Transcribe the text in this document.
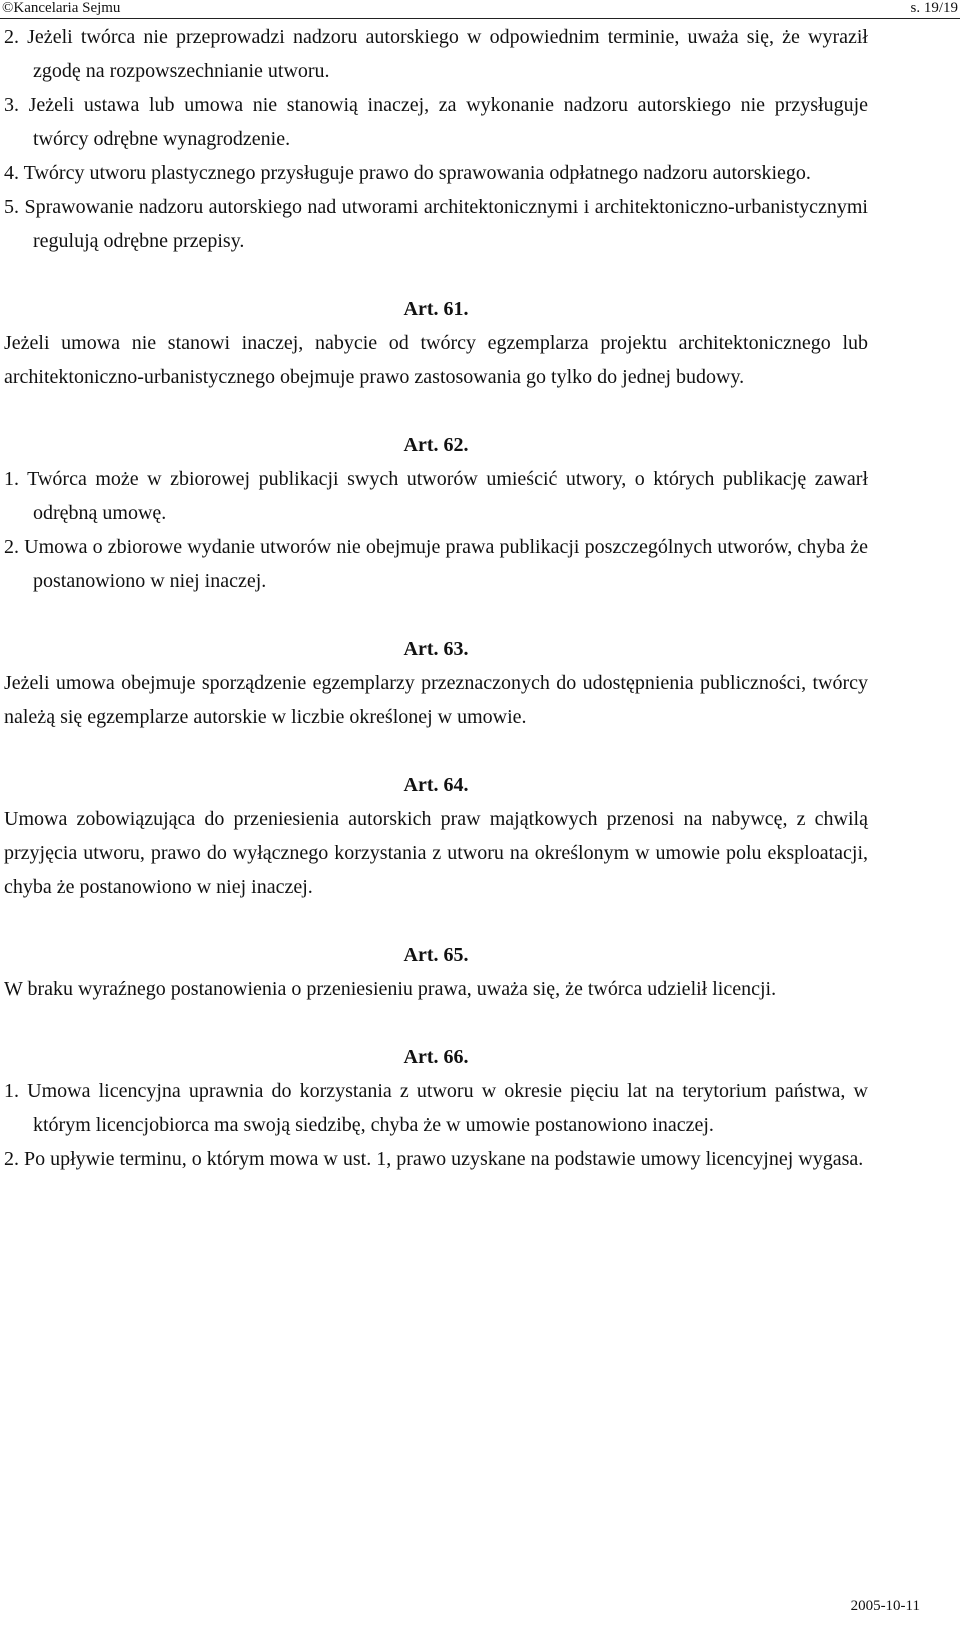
©Kancelaria Sejmu	s. 19/19

2. Jeżeli twórca nie przeprowadzi nadzoru autorskiego w odpowiednim terminie, uważa się, że wyraził zgodę na rozpowszechnianie utworu.

3. Jeżeli ustawa lub umowa nie stanowią inaczej, za wykonanie nadzoru autorskiego nie przysługuje twórcy odrębne wynagrodzenie.

4. Twórcy utworu plastycznego przysługuje prawo do sprawowania odpłatnego nadzoru autorskiego.

5. Sprawowanie nadzoru autorskiego nad utworami architektonicznymi i architektoniczno-urbanistycznymi regulują odrębne przepisy.

Art. 61.

Jeżeli umowa nie stanowi inaczej, nabycie od twórcy egzemplarza projektu architektonicznego lub architektoniczno-urbanistycznego obejmuje prawo zastosowania go tylko do jednej budowy.

Art. 62.

1. Twórca może w zbiorowej publikacji swych utworów umieścić utwory, o których publikację zawarł odrębną umowę.

2. Umowa o zbiorowe wydanie utworów nie obejmuje prawa publikacji poszczególnych utworów, chyba że postanowiono w niej inaczej.

Art. 63.

Jeżeli umowa obejmuje sporządzenie egzemplarzy przeznaczonych do udostępnienia publiczności, twórcy należą się egzemplarze autorskie w liczbie określonej w umowie.

Art. 64.

Umowa zobowiązująca do przeniesienia autorskich praw majątkowych przenosi na nabywcę, z chwilą przyjęcia utworu, prawo do wyłącznego korzystania z utworu na określonym w umowie polu eksploatacji, chyba że postanowiono w niej inaczej.

Art. 65.

W braku wyraźnego postanowienia o przeniesieniu prawa, uważa się, że twórca udzielił licencji.

Art. 66.

1. Umowa licencyjna uprawnia do korzystania z utworu w okresie pięciu lat na terytorium państwa, w którym licencjobiorca ma swoją siedzibę, chyba że w umowie postanowiono inaczej.

2. Po upływie terminu, o którym mowa w ust. 1, prawo uzyskane na podstawie umowy licencyjnej wygasa.

2005-10-11
